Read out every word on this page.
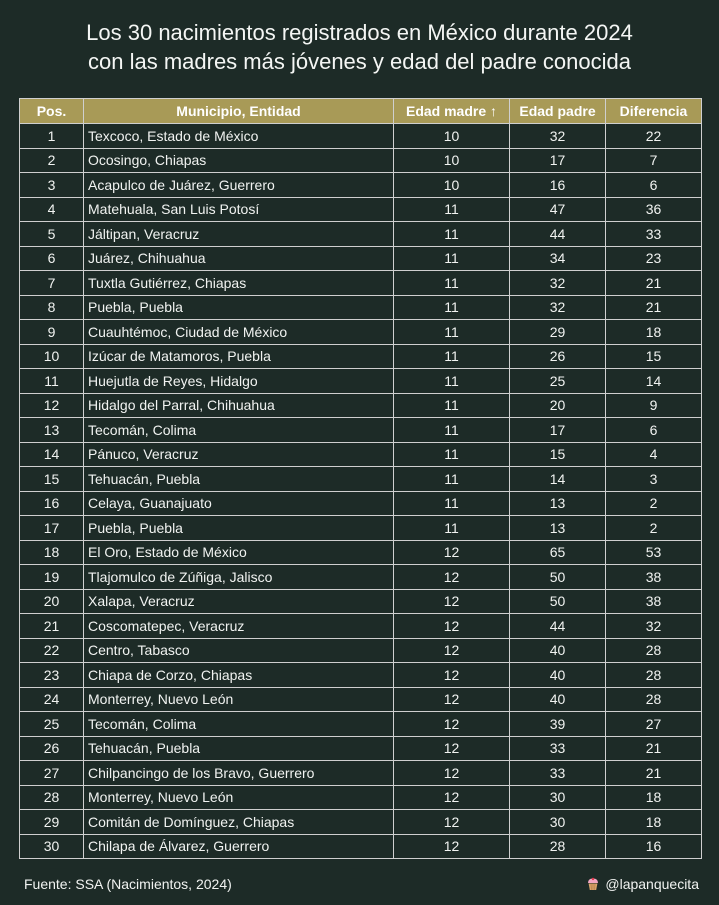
Los 30 nacimientos registrados en México durante 2024
con las madres más jóvenes y edad del padre conocida
Pos.	Municipio, Entidad	Edad madre ↑	Edad padre	Diferencia
1	Texcoco, Estado de México	10	32	22
2	Ocosingo, Chiapas	10	17	7
3	Acapulco de Juárez, Guerrero	10	16	6
4	Matehuala, San Luis Potosí	11	47	36
5	Jáltipan, Veracruz	11	44	33
6	Juárez, Chihuahua	11	34	23
7	Tuxtla Gutiérrez, Chiapas	11	32	21
8	Puebla, Puebla	11	32	21
9	Cuauhtémoc, Ciudad de México	11	29	18
10	Izúcar de Matamoros, Puebla	11	26	15
11	Huejutla de Reyes, Hidalgo	11	25	14
12	Hidalgo del Parral, Chihuahua	11	20	9
13	Tecomán, Colima	11	17	6
14	Pánuco, Veracruz	11	15	4
15	Tehuacán, Puebla	11	14	3
16	Celaya, Guanajuato	11	13	2
17	Puebla, Puebla	11	13	2
18	El Oro, Estado de México	12	65	53
19	Tlajomulco de Zúñiga, Jalisco	12	50	38
20	Xalapa, Veracruz	12	50	38
21	Coscomatepec, Veracruz	12	44	32
22	Centro, Tabasco	12	40	28
23	Chiapa de Corzo, Chiapas	12	40	28
24	Monterrey, Nuevo León	12	40	28
25	Tecomán, Colima	12	39	27
26	Tehuacán, Puebla	12	33	21
27	Chilpancingo de los Bravo, Guerrero	12	33	21
28	Monterrey, Nuevo León	12	30	18
29	Comitán de Domínguez, Chiapas	12	30	18
30	Chilapa de Álvarez, Guerrero	12	28	16
Fuente: SSA (Nacimientos, 2024)	@lapanquecita
